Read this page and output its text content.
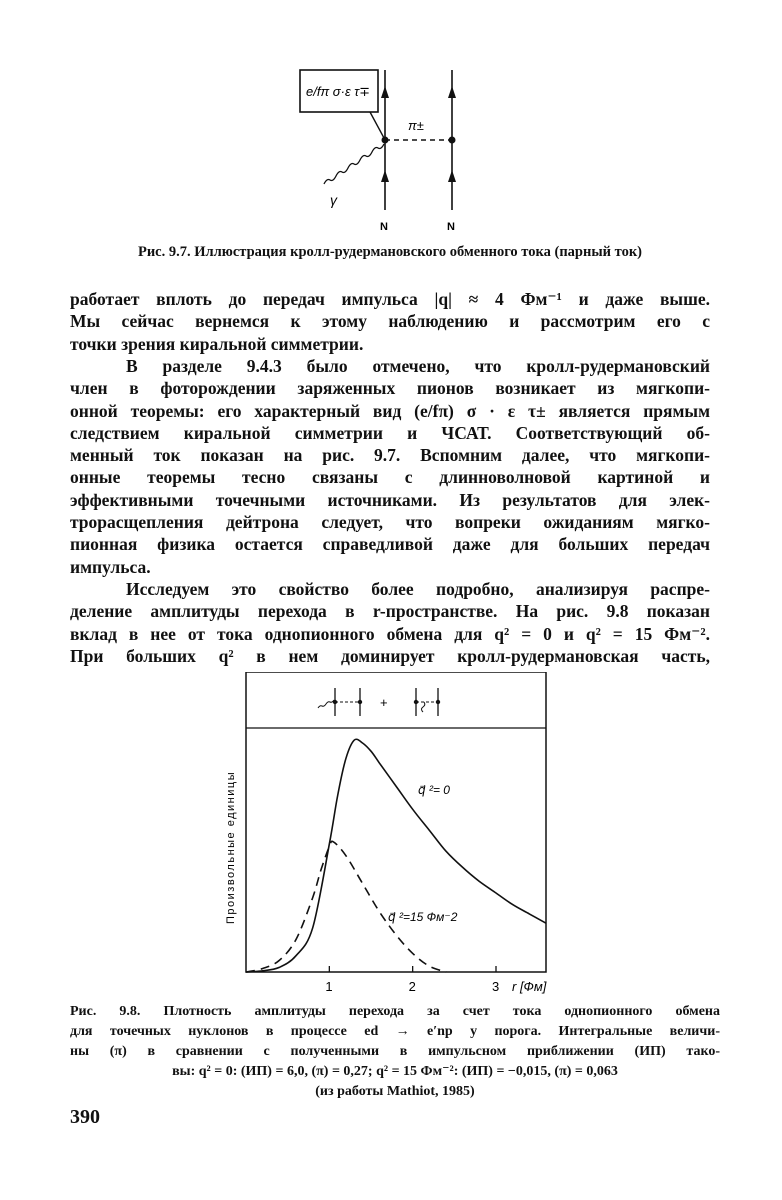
e/fπ σ·ε τ∓
π±
γ
N	N
Рис. 9.7. Иллюстрация кролл-рудермановского обменного тока (парный ток)
работает вплоть до передач импульса |q| ≈ 4 Фм⁻¹ и даже выше.
Мы сейчас вернемся к этому наблюдению и рассмотрим его с
точки зрения киральной симметрии.
В разделе 9.4.3 было отмечено, что кролл-рудермановский
член в фоторождении заряженных пионов возникает из мягкопи-
онной теоремы: его характерный вид (e/fπ) σ · ε τ± является прямым
следствием киральной симметрии и ЧСАТ. Соответствующий об-
менный ток показан на рис. 9.7. Вспомним далее, что мягкопи-
онные теоремы тесно связаны с длинноволновой картиной и
эффективными точечными источниками. Из результатов для элек-
трорасщепления дейтрона следует, что вопреки ожиданиям мягко-
пионная физика остается справедливой даже для больших передач
импульса.
Исследуем это свойство более подробно, анализируя распре-
деление амплитуды перехода в r-пространстве. На рис. 9.8 показан
вклад в нее от тока однопионного обмена для q² = 0 и q² = 15 Фм⁻².
При больших q² в нем доминирует кролл-рудермановская часть,
+
Произвольные единицы
1	2	3 r [Фм]
q⃗ ²= 0
q⃗ ²=15 Фм⁻2
Рис. 9.8. Плотность амплитуды перехода за счет тока однопионного обмена
для точечных нуклонов в процессе ed → e′np у порога. Интегральные величи-
ны (π) в сравнении с полученными в импульсном приближении (ИП) тако-
вы: q² = 0: (ИП) = 6,0, (π) = 0,27; q² = 15 Фм⁻²: (ИП) = −0,015, (π) = 0,063
(из работы Mathiot, 1985)
390
